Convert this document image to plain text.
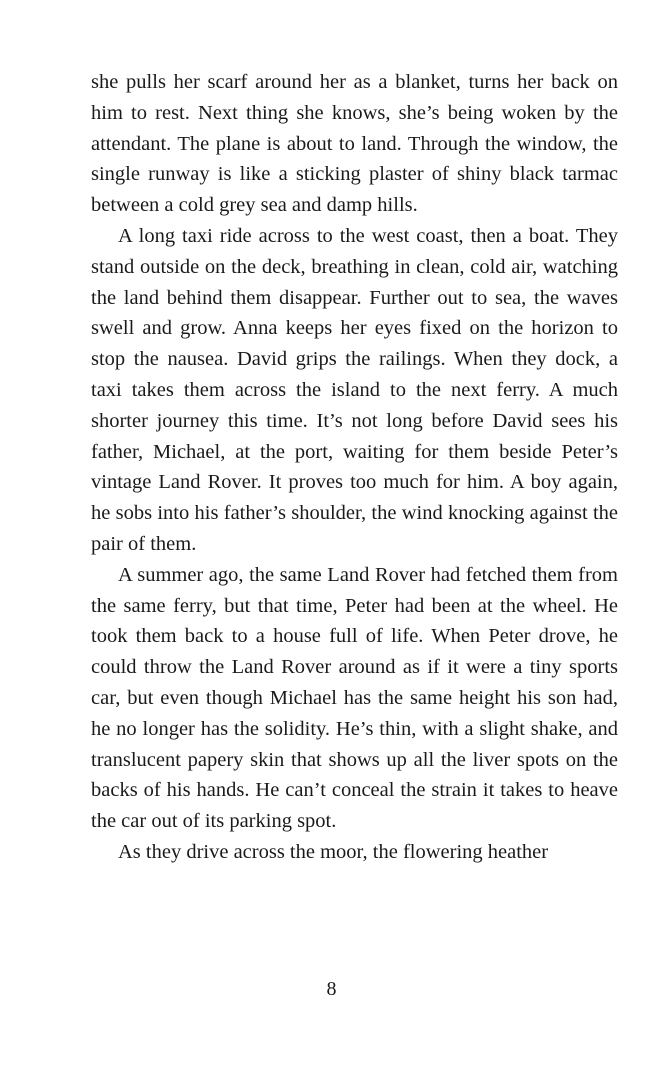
she pulls her scarf around her as a blanket, turns her back on him to rest. Next thing she knows, she’s being woken by the attendant. The plane is about to land. Through the window, the single runway is like a sticking plaster of shiny black tarmac between a cold grey sea and damp hills.

A long taxi ride across to the west coast, then a boat. They stand outside on the deck, breathing in clean, cold air, watching the land behind them disappear. Further out to sea, the waves swell and grow. Anna keeps her eyes fixed on the horizon to stop the nausea. David grips the railings. When they dock, a taxi takes them across the island to the next ferry. A much shorter journey this time. It’s not long before David sees his father, Michael, at the port, waiting for them beside Peter’s vintage Land Rover. It proves too much for him. A boy again, he sobs into his father’s shoulder, the wind knocking against the pair of them.

A summer ago, the same Land Rover had fetched them from the same ferry, but that time, Peter had been at the wheel. He took them back to a house full of life. When Peter drove, he could throw the Land Rover around as if it were a tiny sports car, but even though Michael has the same height his son had, he no longer has the solidity. He’s thin, with a slight shake, and translucent papery skin that shows up all the liver spots on the backs of his hands. He can’t conceal the strain it takes to heave the car out of its parking spot.

As they drive across the moor, the flowering heather

8
